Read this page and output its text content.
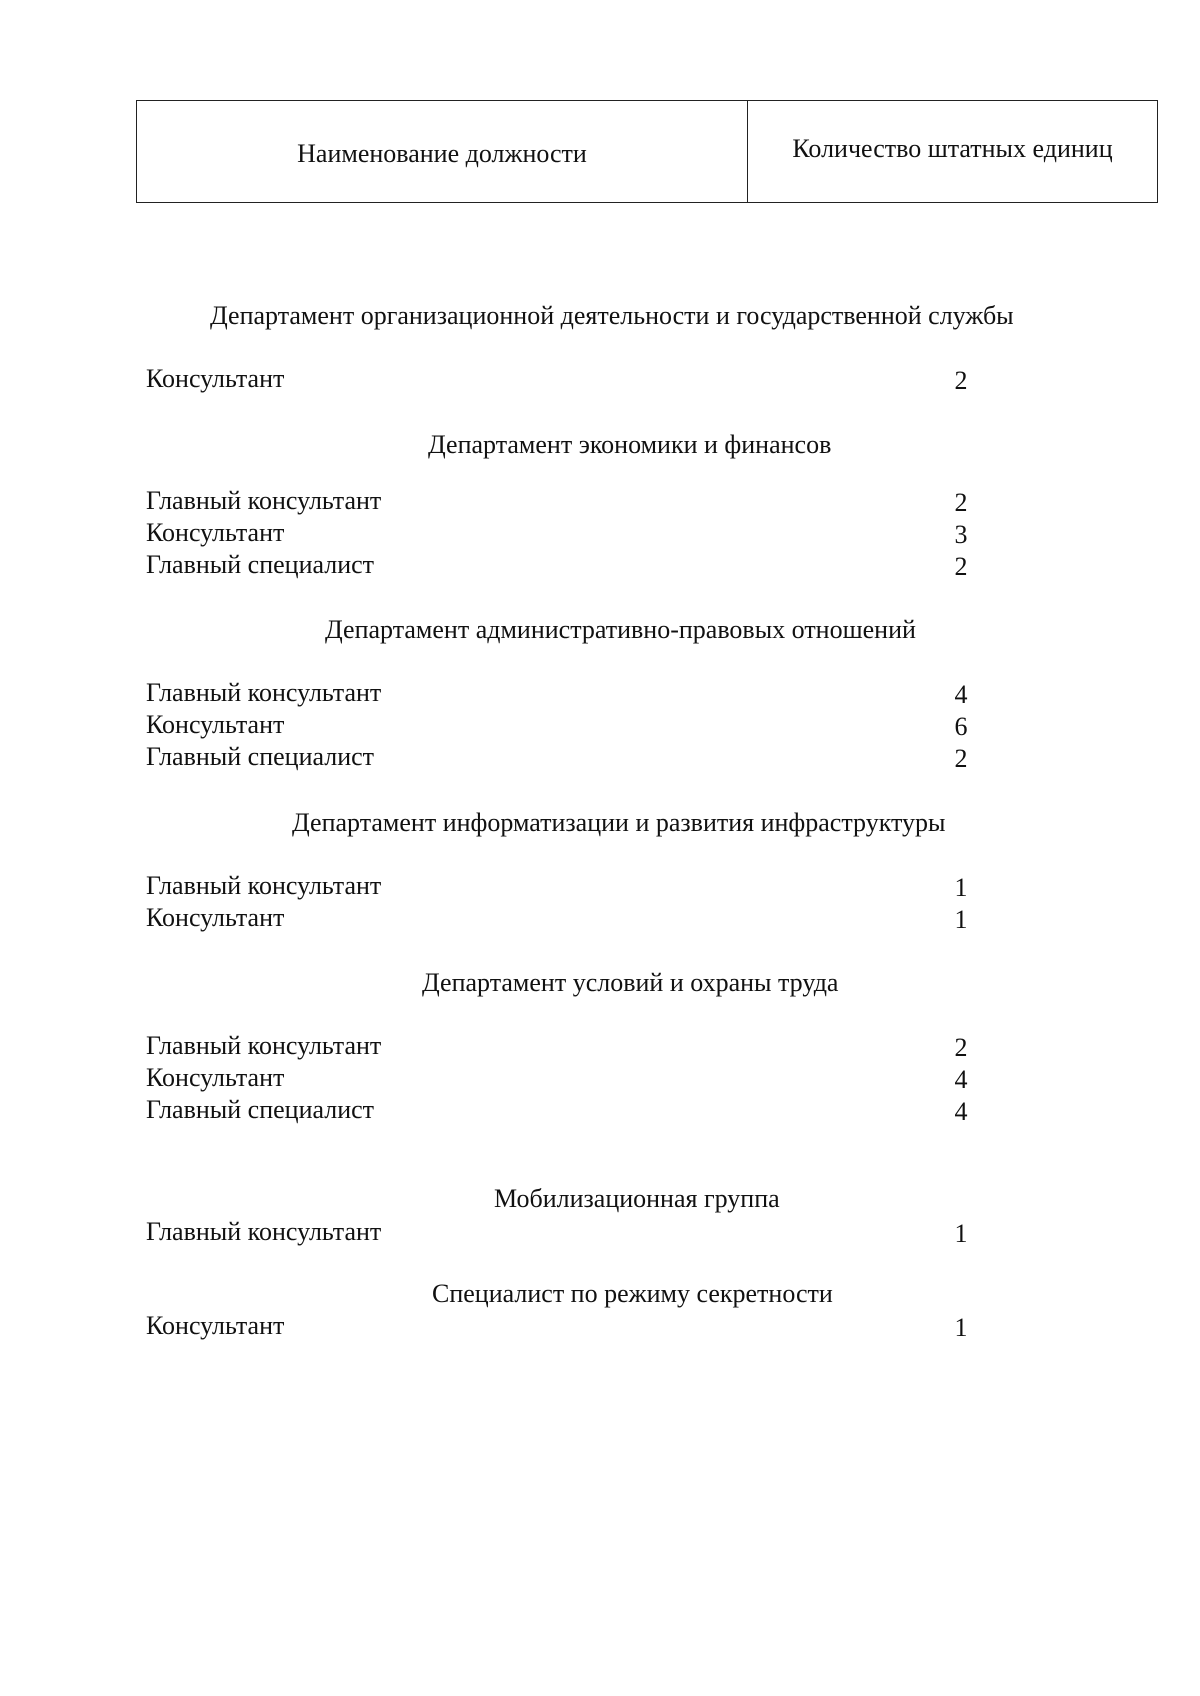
Наименование должности	Количество штатных единиц
Департамент организационной деятельности и государственной службы
Консультант	2
Департамент экономики и финансов
Главный консультант	2
Консультант	3
Главный специалист	2
Департамент административно-правовых отношений
Главный консультант	4
Консультант	6
Главный специалист	2
Департамент информатизации и развития инфраструктуры
Главный консультант	1
Консультант	1
Департамент условий и охраны труда
Главный консультант	2
Консультант	4
Главный специалист	4
Мобилизационная группа
Главный консультант	1
Специалист по режиму секретности
Консультант	1
